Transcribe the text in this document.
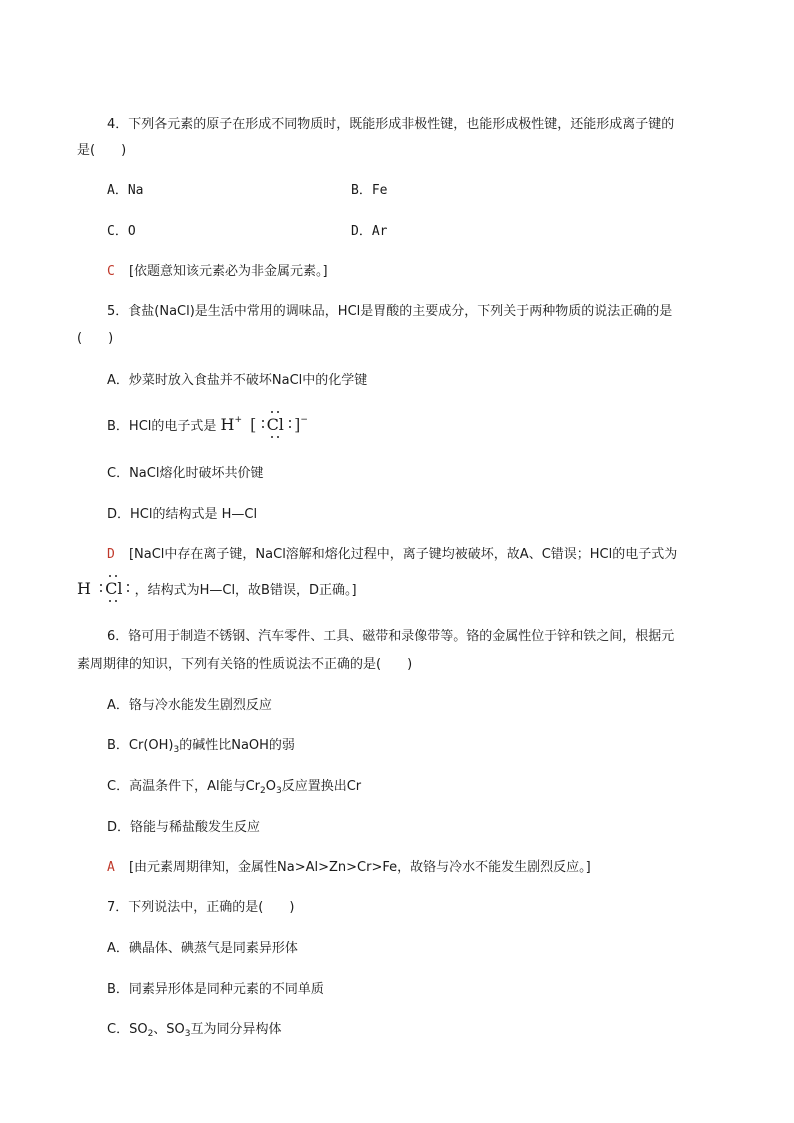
4．下列各元素的原子在形成不同物质时，既能形成非极性键，也能形成极性键，还能形成离子键的
是(　　)
A．Na	B．Fe
C．O	D．Ar
C [依题意知该元素必为非金属元素。]
5．食盐(NaCl)是生活中常用的调味品，HCl是胃酸的主要成分，下列关于两种物质的说法正确的是
(　　)
A．炒菜时放入食盐并不破坏NaCl中的化学键
B．HCl的电子式是 H+ [ Cl ]−
C．NaCl熔化时破坏共价键
D．HCl的结构式是 H—Cl
D [NaCl中存在离子键，NaCl溶解和熔化过程中，离子键均被破坏，故A、C错误；HCl的电子式为
H Cl ，结构式为H—Cl，故B错误，D正确。]
6．铬可用于制造不锈钢、汽车零件、工具、磁带和录像带等。铬的金属性位于锌和铁之间，根据元
素周期律的知识，下列有关铬的性质说法不正确的是(　　)
A．铬与冷水能发生剧烈反应
B．$Cr(OH)_3$的碱性比NaOH的弱
C．高温条件下，Al能与$Cr_2O_3$反应置换出Cr
D．铬能与稀盐酸发生反应
A [由元素周期律知，金属性Na>Al>Zn>Cr>Fe，故铬与冷水不能发生剧烈反应。]
7．下列说法中，正确的是(　　)
A．碘晶体、碘蒸气是同素异形体
B．同素异形体是同种元素的不同单质
C．$SO_2$、$SO_3$互为同分异构体
